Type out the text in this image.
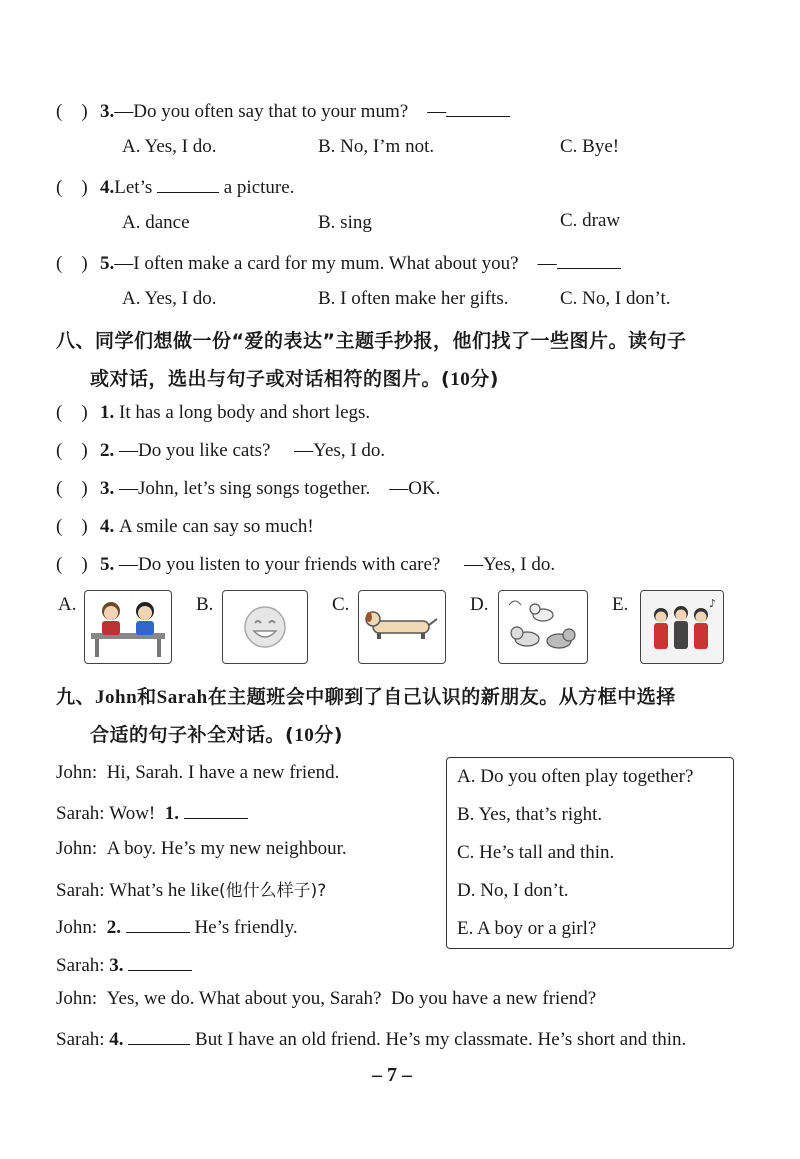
(    ) 3.—Do you often say that to your mum? —
A. Yes, I do.	B. No, I’m not.	C. Bye!
(    ) 4.Let’s	a picture.
A. dance	B. sing	C. draw
(    ) 5.—I often make a card for my mum. What about you? —
A. Yes, I do.	B. I often make her gifts.	C. No, I don’t.
八、同学们想做一份“爱的表达”主题手抄报，他们找了一些图片。读句子
或对话，选出与句子或对话相符的图片。(10分)
(    ) 1. It has a long body and short legs.
(    ) 2. —Do you like cats?     —Yes, I do.
(    ) 3. —John, let’s sing songs together.    —OK.
(    ) 4. A smile can say so much!
(    ) 5. —Do you listen to your friends with care?     —Yes, I do.
A.	B.	C.	D.	E.	♪
九、John和Sarah在主题班会中聊到了自己认识的新朋友。从方框中选择
合适的句子补全对话。(10分)
John: Hi, Sarah. I have a new friend.
Sarah: Wow! 1.
John: A boy. He’s my new neighbour.
Sarah: What’s he like(他什么样子)?
John: 2.	He’s friendly.
Sarah: 3.
John: Yes, we do. What about you, Sarah?  Do you have a new friend?
Sarah: 4.	But I have an old friend. He’s my classmate. He’s short and thin.
A. Do you often play together?
B. Yes, that’s right.
C. He’s tall and thin.
D. No, I don’t.
E. A boy or a girl?
– 7 –
